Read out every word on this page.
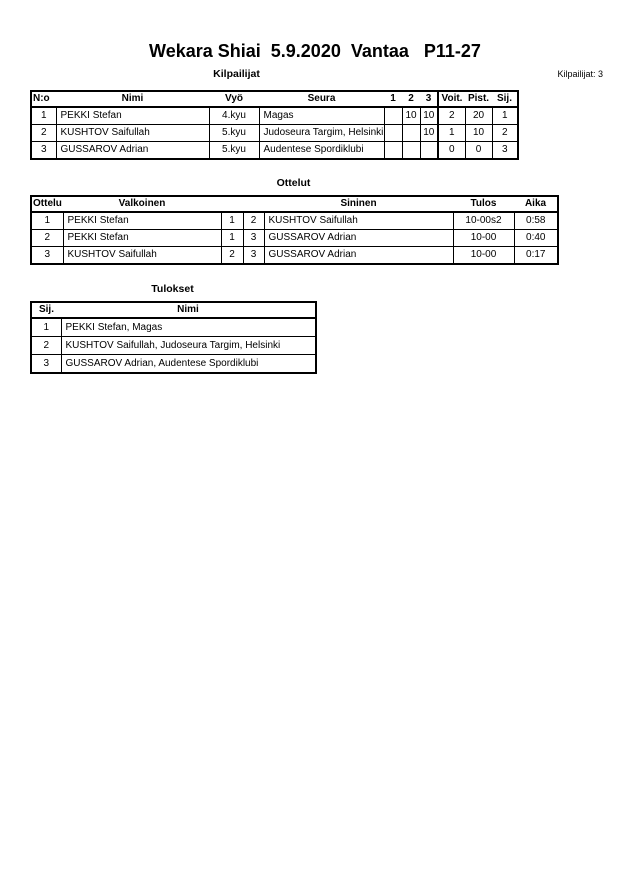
Wekara Shiai  5.9.2020  Vantaa   P11-27
Kilpailijat	Kilpailijat: 3
N:o	Nimi	Vyö	Seura	1	2	3	Voit.	Pist.	Sij.
1	PEKKI Stefan	4.kyu	Magas		10	10	2	20	1
2	KUSHTOV Saifullah	5.kyu	Judoseura Targim, Helsinki			10	1	10	2
3	GUSSAROV Adrian	5.kyu	Audentese Spordiklubi				0	0	3
Ottelut
Ottelu	Valkoinen			Sininen	Tulos	Aika
1	PEKKI Stefan	1	2	KUSHTOV Saifullah	10-00s2	0:58
2	PEKKI Stefan	1	3	GUSSAROV Adrian	10-00	0:40
3	KUSHTOV Saifullah	2	3	GUSSAROV Adrian	10-00	0:17
Tulokset
Sij.	Nimi
1	PEKKI Stefan, Magas
2	KUSHTOV Saifullah, Judoseura Targim, Helsinki
3	GUSSAROV Adrian, Audentese Spordiklubi
